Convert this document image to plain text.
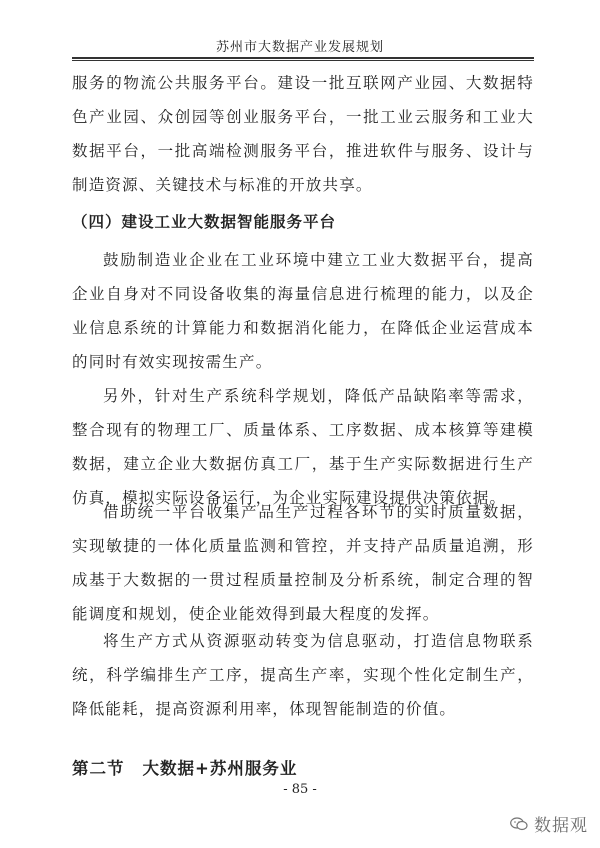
苏州市大数据产业发展规划

服务的物流公共服务平台。建设一批互联网产业园、大数据特色产业园、众创园等创业服务平台，一批工业云服务和工业大数据平台，一批高端检测服务平台，推进软件与服务、设计与制造资源、关键技术与标准的开放共享。

（四）建设工业大数据智能服务平台

鼓励制造业企业在工业环境中建立工业大数据平台，提高企业自身对不同设备收集的海量信息进行梳理的能力，以及企业信息系统的计算能力和数据消化能力，在降低企业运营成本的同时有效实现按需生产。

另外，针对生产系统科学规划，降低产品缺陷率等需求，整合现有的物理工厂、质量体系、工序数据、成本核算等建模数据，建立企业大数据仿真工厂，基于生产实际数据进行生产仿真，模拟实际设备运行，为企业实际建设提供决策依据。

借助统一平台收集产品生产过程各环节的实时质量数据，实现敏捷的一体化质量监测和管控，并支持产品质量追溯，形成基于大数据的一贯过程质量控制及分析系统，制定合理的智能调度和规划，使企业能效得到最大程度的发挥。

将生产方式从资源驱动转变为信息驱动，打造信息物联系统，科学编排生产工序，提高生产率，实现个性化定制生产，降低能耗，提高资源利用率，体现智能制造的价值。

第二节 大数据+苏州服务业
- 85 -
数据观
